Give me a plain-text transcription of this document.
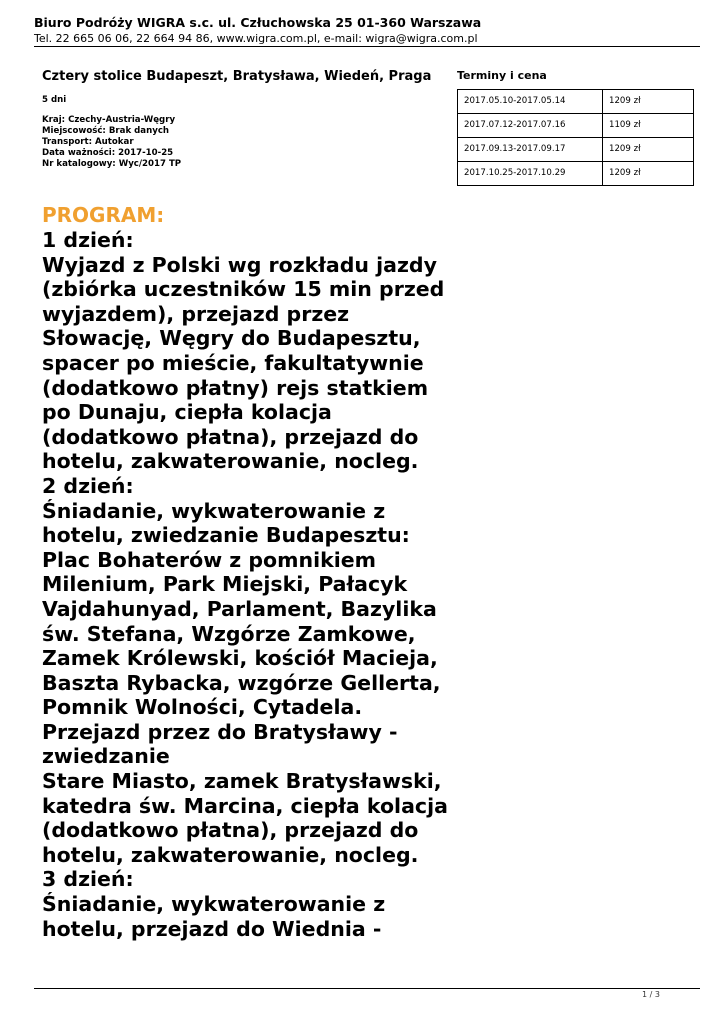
Biuro Podróży WIGRA s.c. ul. Człuchowska 25 01-360 Warszawa
Tel. 22 665 06 06, 22 664 94 86, www.wigra.com.pl, e-mail: wigra@wigra.com.pl
Cztery stolice Budapeszt, Bratysława, Wiedeń, Praga
5 dni
Kraj: Czechy-Austria-Węgry
Miejscowość: Brak danych
Transport: Autokar
Data ważności: 2017-10-25
Nr katalogowy: Wyc/2017 TP
Terminy i cena
2017.05.10-2017.05.14	1209 zł
2017.07.12-2017.07.16	1109 zł
2017.09.13-2017.09.17	1209 zł
2017.10.25-2017.10.29	1209 zł
PROGRAM:
1 dzień:
Wyjazd z Polski wg rozkładu jazdy
(zbiórka uczestników 15 min przed
wyjazdem), przejazd przez
Słowację, Węgry do Budapesztu,
spacer po mieście, fakultatywnie
(dodatkowo płatny) rejs statkiem
po Dunaju, ciepła kolacja
(dodatkowo płatna), przejazd do
hotelu, zakwaterowanie, nocleg.
2 dzień:
Śniadanie, wykwaterowanie z
hotelu, zwiedzanie Budapesztu:
Plac Bohaterów z pomnikiem
Milenium, Park Miejski, Pałacyk
Vajdahunyad, Parlament, Bazylika
św. Stefana, Wzgórze Zamkowe,
Zamek Królewski, kościół Macieja,
Baszta Rybacka, wzgórze Gellerta,
Pomnik Wolności, Cytadela.
Przejazd przez do Bratysławy -
zwiedzanie
Stare Miasto, zamek Bratysławski,
katedra św. Marcina, ciepła kolacja
(dodatkowo płatna), przejazd do
hotelu, zakwaterowanie, nocleg.
3 dzień:
Śniadanie, wykwaterowanie z
hotelu, przejazd do Wiednia -
1 / 3
